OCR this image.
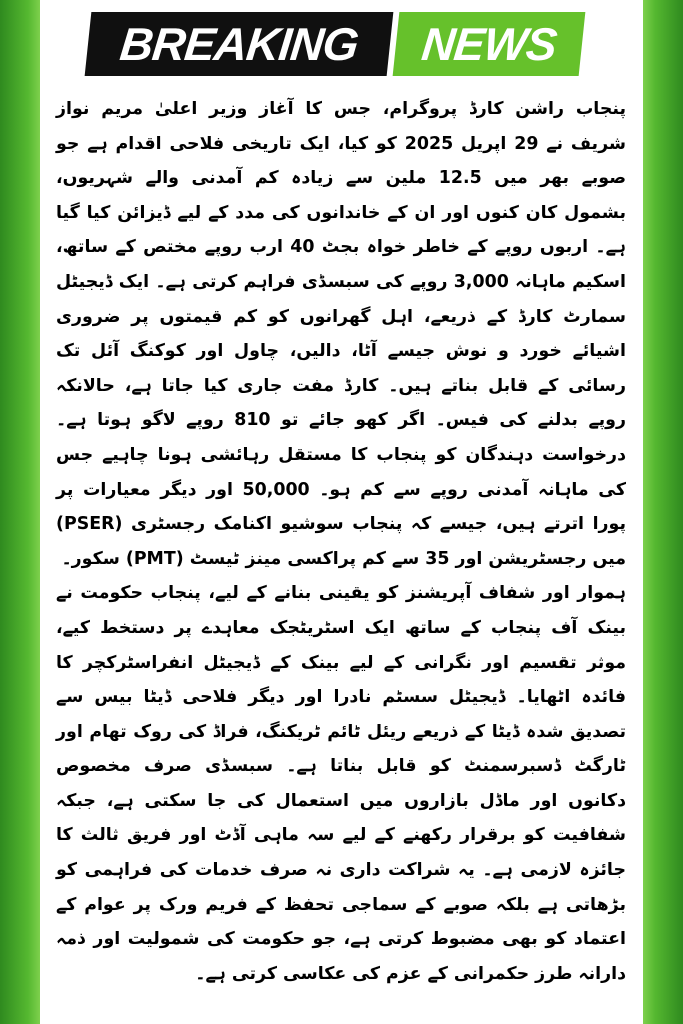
BREAKING	NEWS

پنجاب راشن کارڈ پروگرام، جس کا آغاز وزیر اعلیٰ مریم نواز شریف نے 29 اپریل 2025 کو کیا، ایک تاریخی فلاحی اقدام ہے جو صوبے بھر میں 12.5 ملین سے زیادہ کم آمدنی والے شہریوں، بشمول کان کنوں اور ان کے خاندانوں کی مدد کے لیے ڈیزائن کیا گیا ہے۔ اربوں روپے کے خاطر خواہ بجٹ 40 ارب روپے مختص کے ساتھ، اسکیم ماہانہ 3,000 روپے کی سبسڈی فراہم کرتی ہے۔ ایک ڈیجیٹل سمارٹ کارڈ کے ذریعے، اہل گھرانوں کو کم قیمتوں پر ضروری اشیائے خورد و نوش جیسے آٹا، دالیں، چاول اور کوکنگ آئل تک رسائی کے قابل بناتے ہیں۔ کارڈ مفت جاری کیا جاتا ہے، حالانکہ روپے بدلنے کی فیس۔ اگر کھو جائے تو 810 روپے لاگو ہوتا ہے۔ درخواست دہندگان کو پنجاب کا مستقل رہائشی ہونا چاہیے جس کی ماہانہ آمدنی روپے سے کم ہو۔ 50,000 اور دیگر معیارات پر پورا اترتے ہیں، جیسے کہ پنجاب سوشیو اکنامک رجسٹری (PSER) میں رجسٹریشن اور 35 سے کم پراکسی مینز ٹیسٹ (PMT) سکور۔

ہموار اور شفاف آپریشنز کو یقینی بنانے کے لیے، پنجاب حکومت نے بینک آف پنجاب کے ساتھ ایک اسٹریٹجک معاہدے پر دستخط کیے، موثر تقسیم اور نگرانی کے لیے بینک کے ڈیجیٹل انفراسٹرکچر کا فائدہ اٹھایا۔ ڈیجیٹل سسٹم نادرا اور دیگر فلاحی ڈیٹا بیس سے تصدیق شدہ ڈیٹا کے ذریعے ریئل ٹائم ٹریکنگ، فراڈ کی روک تھام اور ٹارگٹ ڈسبرسمنٹ کو قابل بناتا ہے۔ سبسڈی صرف مخصوص دکانوں اور ماڈل بازاروں میں استعمال کی جا سکتی ہے، جبکہ شفافیت کو برقرار رکھنے کے لیے سہ ماہی آڈٹ اور فریق ثالث کا جائزہ لازمی ہے۔ یہ شراکت داری نہ صرف خدمات کی فراہمی کو بڑھاتی ہے بلکہ صوبے کے سماجی تحفظ کے فریم ورک پر عوام کے اعتماد کو بھی مضبوط کرتی ہے، جو حکومت کی شمولیت اور ذمہ دارانہ طرز حکمرانی کے عزم کی عکاسی کرتی ہے۔
